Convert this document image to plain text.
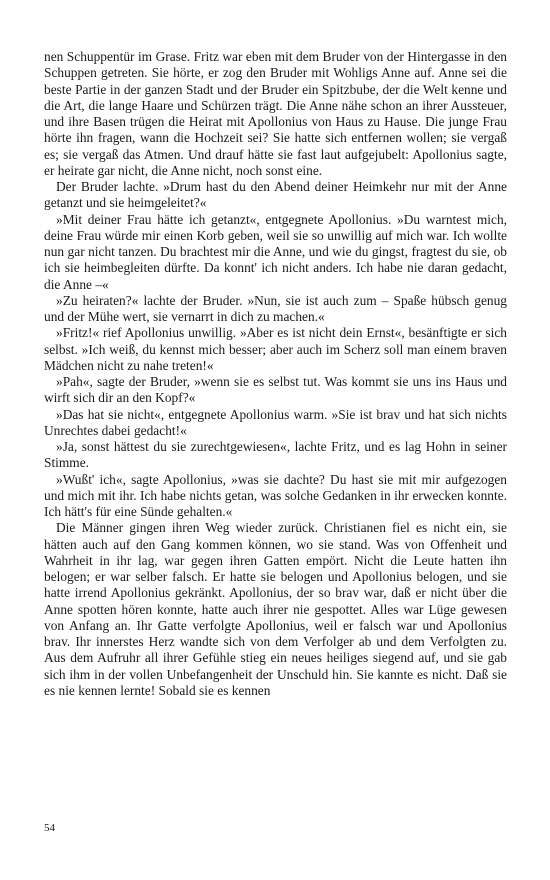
nen Schuppentür im Grase. Fritz war eben mit dem Bruder von der Hintergasse in den Schuppen getreten. Sie hörte, er zog den Bruder mit Wohligs Anne auf. Anne sei die beste Partie in der ganzen Stadt und der Bruder ein Spitzbube, der die Welt kenne und die Art, die lange Haare und Schürzen trägt. Die Anne nähe schon an ihrer Aussteuer, und ihre Basen trügen die Heirat mit Apollonius von Haus zu Hause. Die junge Frau hörte ihn fragen, wann die Hochzeit sei? Sie hatte sich entfernen wollen; sie vergaß es; sie vergaß das Atmen. Und drauf hätte sie fast laut aufgejubelt: Apollonius sagte, er heirate gar nicht, die Anne nicht, noch sonst eine.

Der Bruder lachte. »Drum hast du den Abend deiner Heimkehr nur mit der Anne getanzt und sie heimgeleitet?«

»Mit deiner Frau hätte ich getanzt«, entgegnete Apollonius. »Du warntest mich, deine Frau würde mir einen Korb geben, weil sie so unwillig auf mich war. Ich wollte nun gar nicht tanzen. Du brachtest mir die Anne, und wie du gingst, fragtest du sie, ob ich sie heimbegleiten dürfte. Da konnt' ich nicht anders. Ich habe nie daran gedacht, die Anne –«

»Zu heiraten?« lachte der Bruder. »Nun, sie ist auch zum – Spaße hübsch genug und der Mühe wert, sie vernarrt in dich zu machen.«

»Fritz!« rief Apollonius unwillig. »Aber es ist nicht dein Ernst«, besänftigte er sich selbst. »Ich weiß, du kennst mich besser; aber auch im Scherz soll man einem braven Mädchen nicht zu nahe treten!«

»Pah«, sagte der Bruder, »wenn sie es selbst tut. Was kommt sie uns ins Haus und wirft sich dir an den Kopf?«

»Das hat sie nicht«, entgegnete Apollonius warm. »Sie ist brav und hat sich nichts Unrechtes dabei gedacht!«

»Ja, sonst hättest du sie zurechtgewiesen«, lachte Fritz, und es lag Hohn in seiner Stimme.

»Wußt' ich«, sagte Apollonius, »was sie dachte? Du hast sie mit mir aufgezogen und mich mit ihr. Ich habe nichts getan, was solche Gedanken in ihr erwecken konnte. Ich hätt's für eine Sünde gehalten.«

Die Männer gingen ihren Weg wieder zurück. Christianen fiel es nicht ein, sie hätten auch auf den Gang kommen können, wo sie stand. Was von Offenheit und Wahrheit in ihr lag, war gegen ihren Gatten empört. Nicht die Leute hatten ihn belogen; er war selber falsch. Er hatte sie belogen und Apollonius belogen, und sie hatte irrend Apollonius gekränkt. Apollonius, der so brav war, daß er nicht über die Anne spotten hören konnte, hatte auch ihrer nie gespottet. Alles war Lüge gewesen von Anfang an. Ihr Gatte verfolgte Apollonius, weil er falsch war und Apollonius brav. Ihr innerstes Herz wandte sich von dem Verfolger ab und dem Verfolgten zu. Aus dem Aufruhr all ihrer Gefühle stieg ein neues heiliges siegend auf, und sie gab sich ihm in der vollen Unbefangenheit der Unschuld hin. Sie kannte es nicht. Daß sie es nie kennen lernte! Sobald sie es kennen

54
